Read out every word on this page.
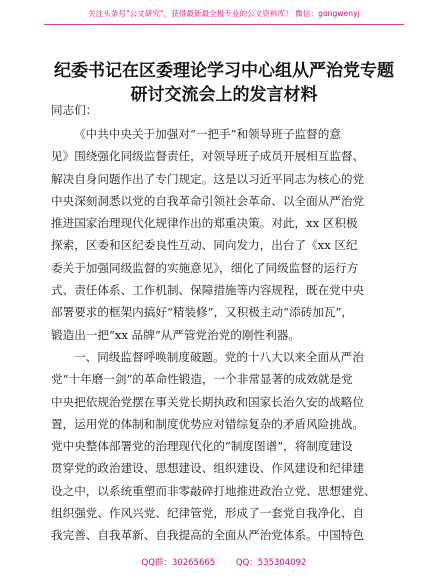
关注头条号"公文研究"，获得最新最全极专业的公文资料库！ 微信：gongwenyj
纪委书记在区委理论学习中心组从严治党专题
研讨交流会上的发言材料
同志们：
《中共中央关于加强对“一把手”和领导班子监督的意
见》围绕强化同级监督责任，对领导班子成员开展相互监督、
解决自身问题作出了专门规定。这是以习近平同志为核心的党
中央深刻洞悉以党的自我革命引领社会革命、以全面从严治党
推进国家治理现代化规律作出的郑重决策。对此，xx 区积极
探索，区委和区纪委良性互动、同向发力，出台了《xx 区纪
委关于加强同级监督的实施意见》，细化了同级监督的运行方
式、责任体系、工作机制、保障措施等内容规程，既在党中央
部署要求的框架内搞好“精装修”，又积极主动“添砖加瓦”，
锻造出一把“xx 品牌”从严管党治党的刚性利器。
一、同级监督呼唤制度破题。党的十八大以来全面从严治
党“十年磨一剑”的革命性锻造，一个非常显著的成效就是党
中央把依规治党摆在事关党长期执政和国家长治久安的战略位
置，运用党的体制和制度优势应对错综复杂的矛盾风险挑战。
党中央整体部署党的治理现代化的“制度图谱”，将制度建设
贯穿党的政治建设、思想建设、组织建设、作风建设和纪律建
设之中，以系统重塑而非零敲碎打地推进政治立党、思想建党、
组织强党、作风兴党、纪律管党，形成了一套党自我净化、自
我完善、自我革新、自我提高的全面从严治党体系。中国特色
QQ群：30265665 QQ：535304092
